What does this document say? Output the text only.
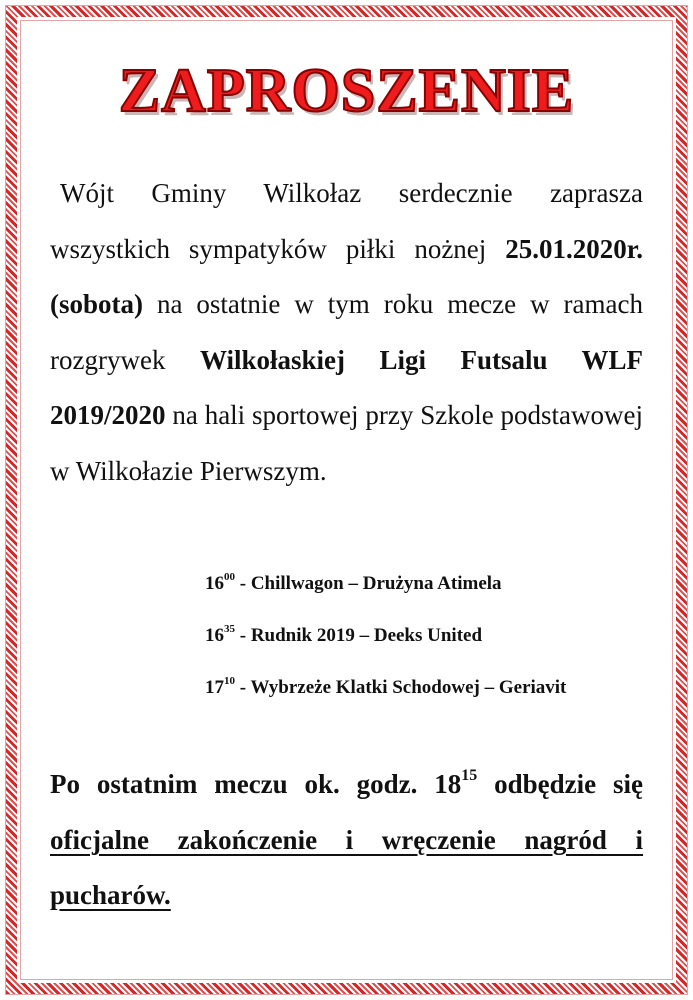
ZAPROSZENIE
Wójt Gminy Wilkołaz serdecznie zaprasza wszystkich sympatyków piłki nożnej 25.01.2020r. (sobota) na ostatnie w tym roku mecze w ramach rozgrywek Wilkołaskiej Ligi Futsalu WLF 2019/2020 na hali sportowej przy Szkole podstawowej w Wilkołazie Pierwszym.
$16^{00}$ - Chillwagon – Drużyna Atimela
$16^{35}$ - Rudnik 2019 – Deeks United
$17^{10}$ - Wybrzeże Klatki Schodowej – Geriavit
Po ostatnim meczu ok. godz. $18^{15}$ odbędzie się oficjalne zakończenie i wręczenie nagród i pucharów.
